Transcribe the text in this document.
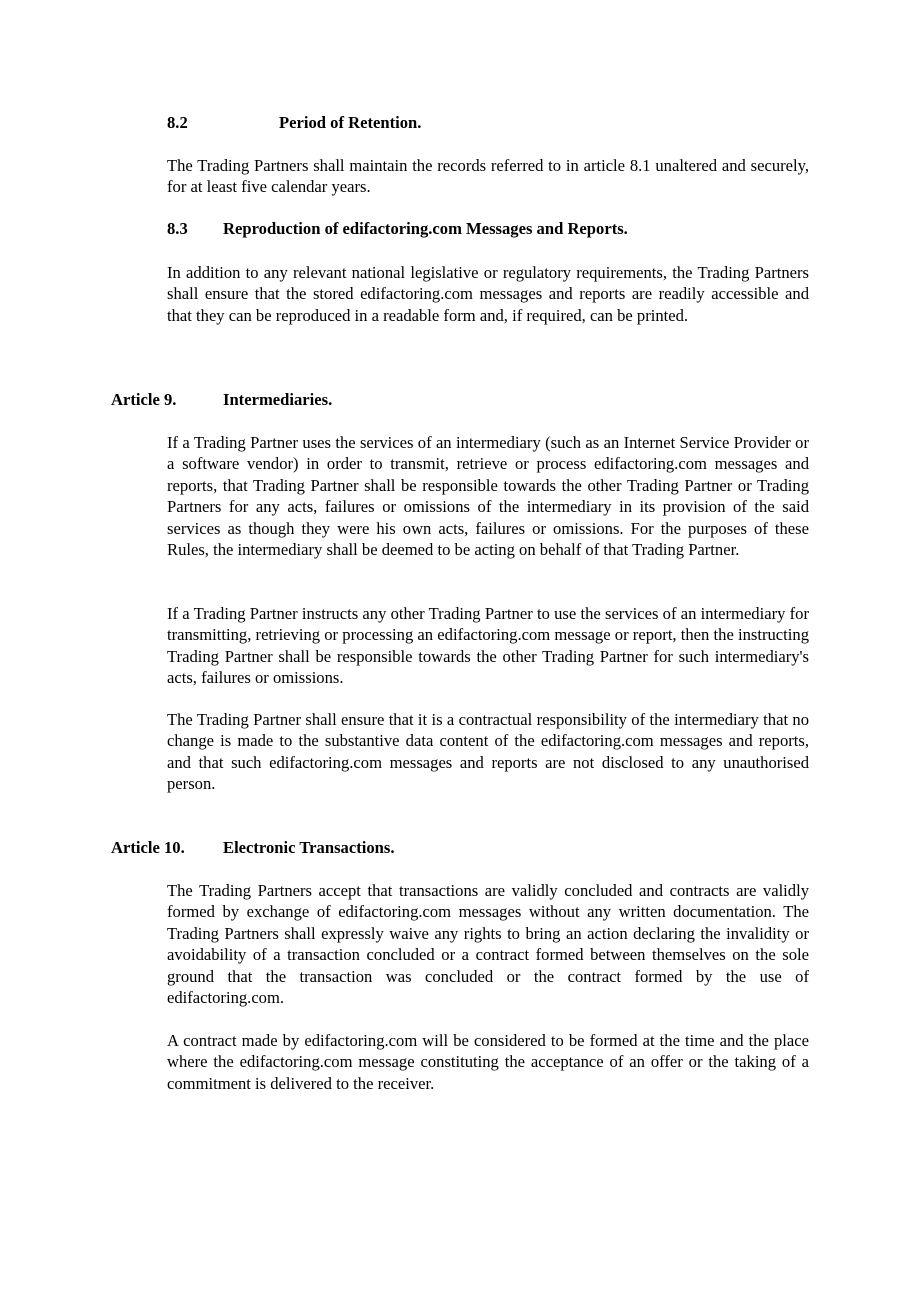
8.2	Period of Retention.

The Trading Partners shall maintain the records referred to in article 8.1 unaltered and securely, for at least five calendar years.

8.3 Reproduction of edifactoring.com Messages and Reports.

In addition to any relevant national legislative or regulatory requirements, the Trading Partners shall ensure that the stored edifactoring.com messages and reports are readily accessible and that they can be reproduced in a readable form and, if required, can be printed.

Article 9.	Intermediaries.

If a Trading Partner uses the services of an intermediary (such as an Internet Service Provider or a software vendor) in order to transmit, retrieve or process edifactoring.com messages and reports, that Trading Partner shall be responsible towards the other Trading Partner or Trading Partners for any acts, failures or omissions of the intermediary in its provision of the said services as though they were his own acts, failures or omissions. For the purposes of these Rules, the intermediary shall be deemed to be acting on behalf of that Trading Partner.

If a Trading Partner instructs any other Trading Partner to use the services of an intermediary for transmitting, retrieving or processing an edifactoring.com message or report, then the instructing Trading Partner shall be responsible towards the other Trading Partner for such intermediary's acts, failures or omissions.

The Trading Partner shall ensure that it is a contractual responsibility of the intermediary that no change is made to the substantive data content of the edifactoring.com messages and reports, and that such edifactoring.com messages and reports are not disclosed to any unauthorised person.

Article 10. Electronic Transactions.

The Trading Partners accept that transactions are validly concluded and contracts are validly formed by exchange of edifactoring.com messages without any written documentation. The Trading Partners shall expressly waive any rights to bring an action declaring the invalidity or avoidability of a transaction concluded or a contract formed between themselves on the sole ground that the transaction was concluded or the contract formed by the use of edifactoring.com.

A contract made by edifactoring.com will be considered to be formed at the time and the place where the edifactoring.com message constituting the acceptance of an offer or the taking of a commitment is delivered to the receiver.
